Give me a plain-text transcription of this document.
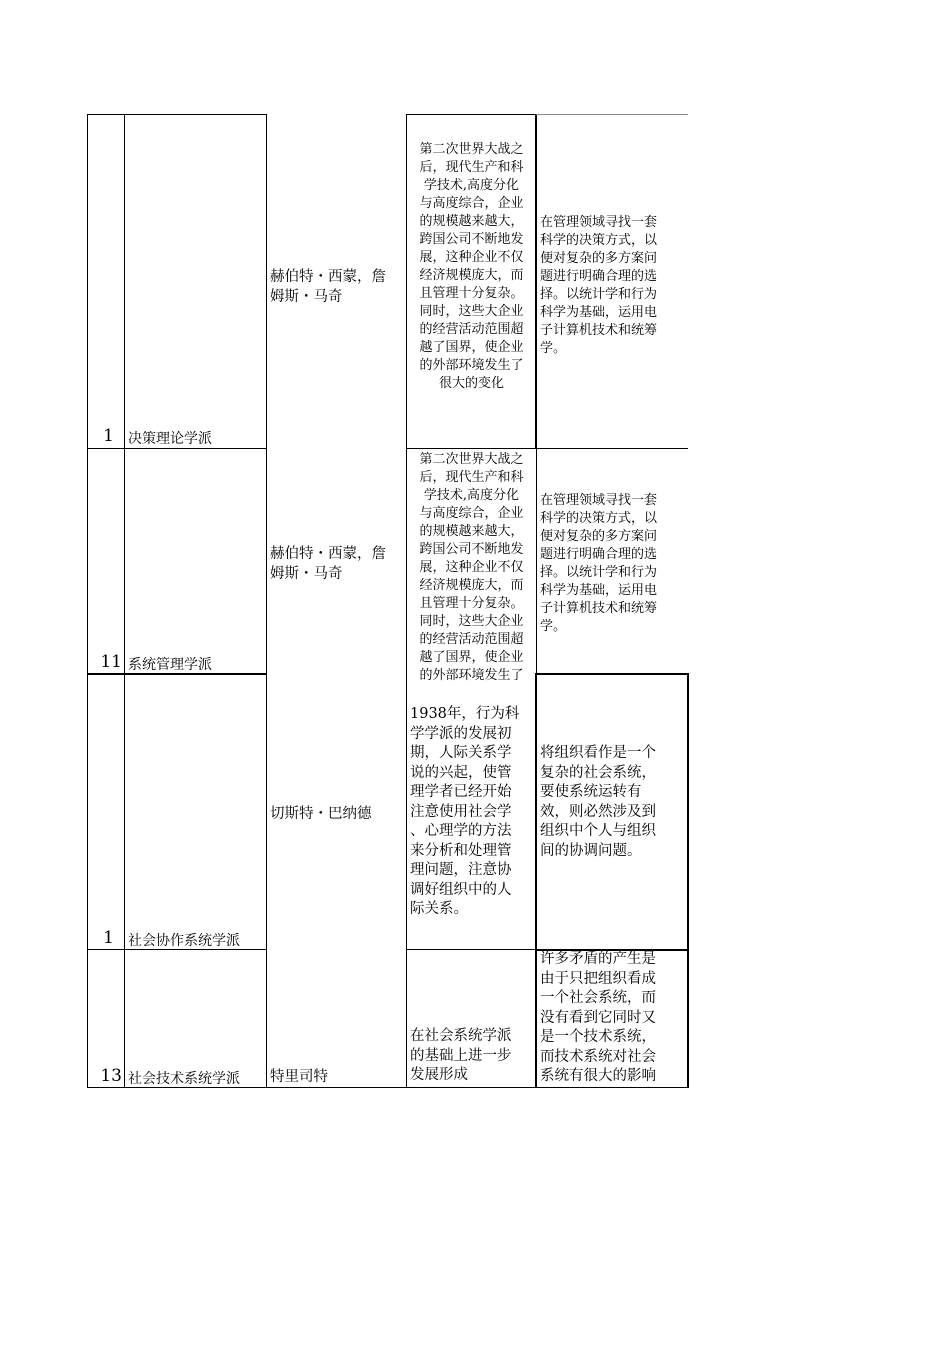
1 决策理论学派
赫伯特・西蒙，詹
姆斯・马奇
第二次世界大战之
后，现代生产和科
学技术,高度分化
与高度综合，企业
的规模越来越大，
跨国公司不断地发
展，这种企业不仅
经济规模庞大，而
且管理十分复杂。
同时，这些大企业
的经营活动范围超
越了国界，使企业
的外部环境发生了
很大的变化
在管理领域寻找一套
科学的决策方式，以
便对复杂的多方案问
题进行明确合理的选
择。以统计学和行为
科学为基础，运用电
子计算机技术和统筹
学。
11 系统管理学派
赫伯特・西蒙，詹
姆斯・马奇
第二次世界大战之
后，现代生产和科
学技术,高度分化
与高度综合，企业
的规模越来越大，
跨国公司不断地发
展，这种企业不仅
经济规模庞大，而
且管理十分复杂。
同时，这些大企业
的经营活动范围超
越了国界，使企业
的外部环境发生了
在管理领域寻找一套
科学的决策方式，以
便对复杂的多方案问
题进行明确合理的选
择。以统计学和行为
科学为基础，运用电
子计算机技术和统筹
学。
1 社会协作系统学派
切斯特・巴纳德
1938年，行为科
学学派的发展初
期，人际关系学
说的兴起，使管
理学者已经开始
注意使用社会学
、心理学的方法
来分析和处理管
理问题，注意协
调好组织中的人
际关系。
将组织看作是一个
复杂的社会系统，
要使系统运转有
效，则必然涉及到
组织中个人与组织
间的协调问题。
13 社会技术系统学派	特里司特
在社会系统学派
的基础上进一步
发展形成
许多矛盾的产生是
由于只把组织看成
一个社会系统，而
没有看到它同时又
是一个技术系统，
而技术系统对社会
系统有很大的影响
